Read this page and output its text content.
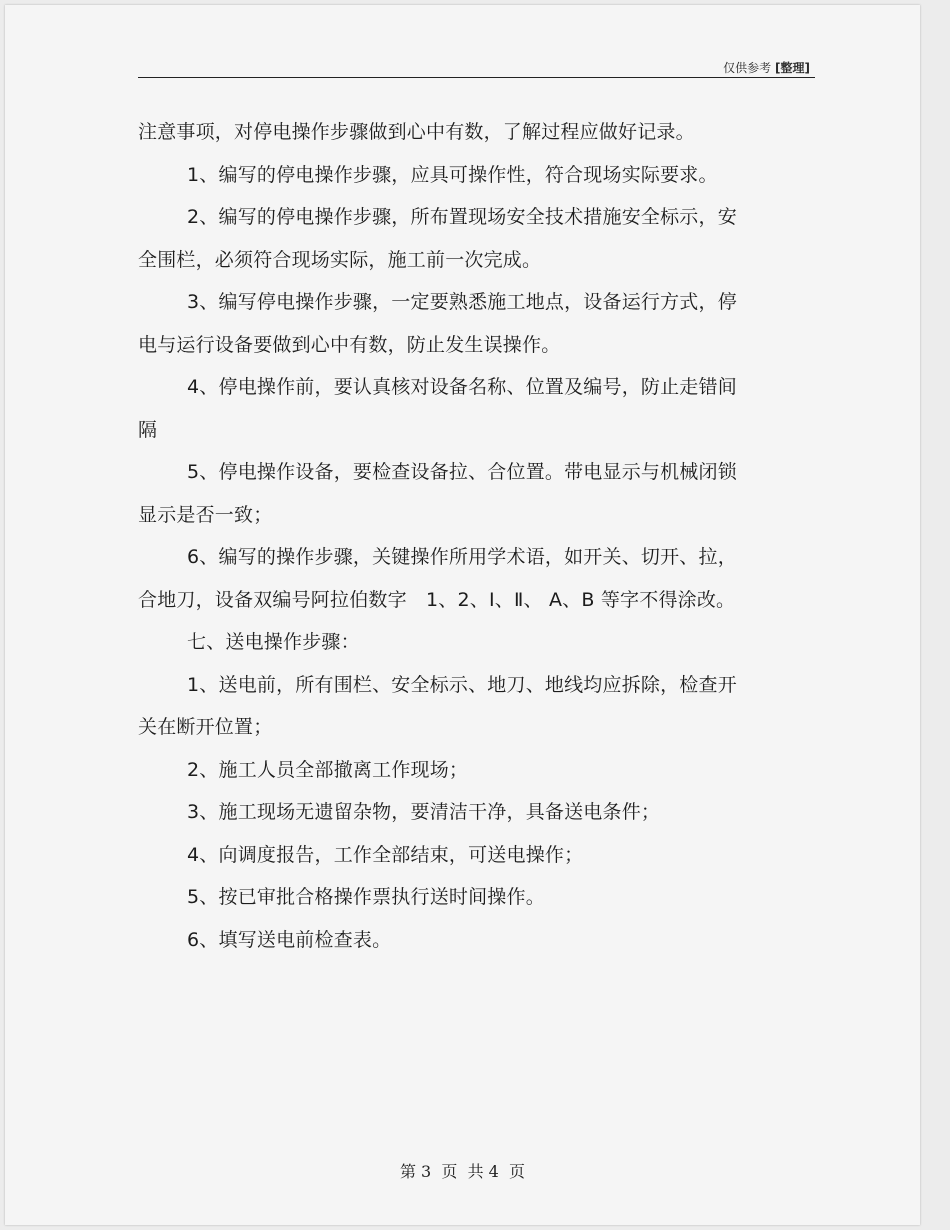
仅供参考 [整理]
注意事项，对停电操作步骤做到心中有数，了解过程应做好记录。
1、编写的停电操作步骤，应具可操作性，符合现场实际要求。
2、编写的停电操作步骤，所布置现场安全技术措施安全标示，安
全围栏，必须符合现场实际，施工前一次完成。
3、编写停电操作步骤，一定要熟悉施工地点，设备运行方式，停
电与运行设备要做到心中有数，防止发生误操作。
4、停电操作前，要认真核对设备名称、位置及编号，防止走错间
隔
5、停电操作设备，要检查设备拉、合位置。带电显示与机械闭锁
显示是否一致；
6、编写的操作步骤，关键操作所用学术语，如开关、切开、拉，
合地刀，设备双编号阿拉伯数字　1、2、Ⅰ、Ⅱ、 A、B 等字不得涂改。
七、送电操作步骤：
1、送电前，所有围栏、安全标示、地刀、地线均应拆除，检查开
关在断开位置；
2、施工人员全部撤离工作现场；
3、施工现场无遗留杂物，要清洁干净，具备送电条件；
4、向调度报告，工作全部结束，可送电操作；
5、按已审批合格操作票执行送时间操作。
6、填写送电前检查表。
第 3  页  共 4  页
